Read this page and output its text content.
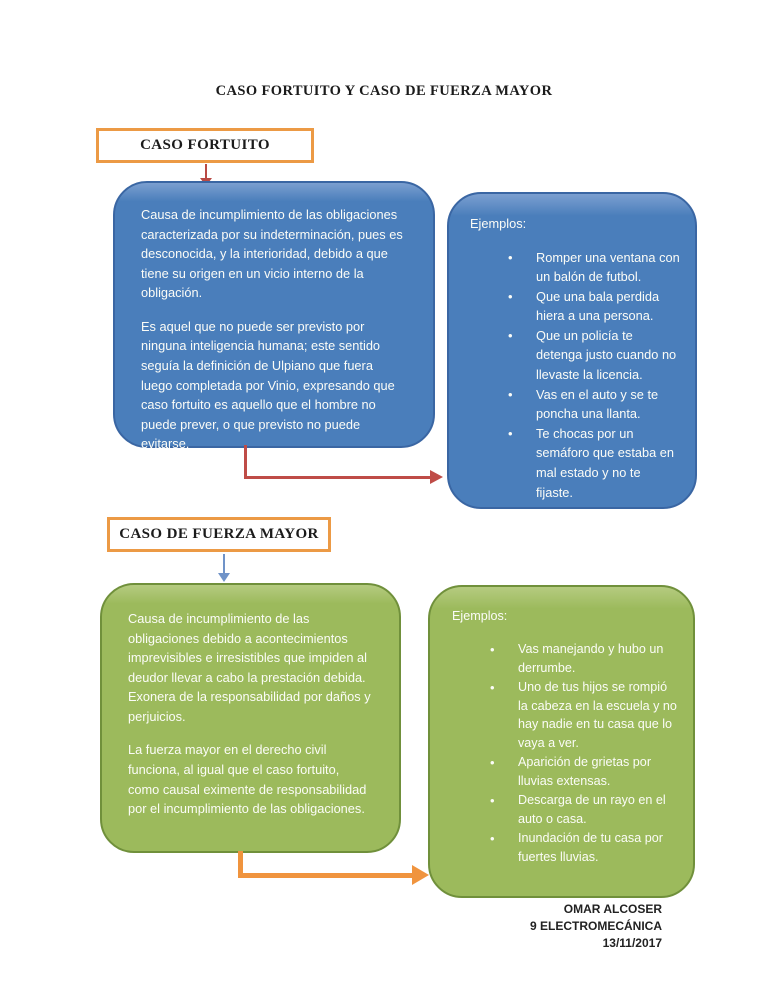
CASO FORTUITO Y CASO DE FUERZA MAYOR
CASO FORTUITO

Causa de incumplimiento de las obligaciones caracterizada por su indeterminación, pues es desconocida, y la interioridad, debido a que tiene su origen en un vicio interno de la obligación.

Es aquel que no puede ser previsto por ninguna inteligencia humana; este sentido seguía la definición de Ulpiano que fuera luego completada por Vinio, expresando que caso fortuito es aquello que el hombre no puede prever, o que previsto no puede evitarse.

Ejemplos:

• Romper una ventana con un balón de futbol.
• Que una bala perdida hiera a una persona.
• Que un policía te detenga justo cuando no llevaste la licencia.
• Vas en el auto y se te poncha una llanta.
• Te chocas por un semáforo que estaba en mal estado y no te fijaste.
CASO DE FUERZA MAYOR

Causa de incumplimiento de las obligaciones debido a acontecimientos imprevisibles e irresistibles que impiden al deudor llevar a cabo la prestación debida. Exonera de la responsabilidad por daños y perjuicios.

La fuerza mayor en el derecho civil funciona, al igual que el caso fortuito, como causal eximente de responsabilidad por el incumplimiento de las obligaciones.

Ejemplos:

• Vas manejando y hubo un derrumbe.
• Uno de tus hijos se rompió la cabeza en la escuela y no hay nadie en tu casa que lo vaya a ver.
• Aparición de grietas por lluvias extensas.
• Descarga de un rayo en el auto o casa.
• Inundación de tu casa por fuertes lluvias.
OMAR ALCOSER
9 ELECTROMECÁNICA
13/11/2017
